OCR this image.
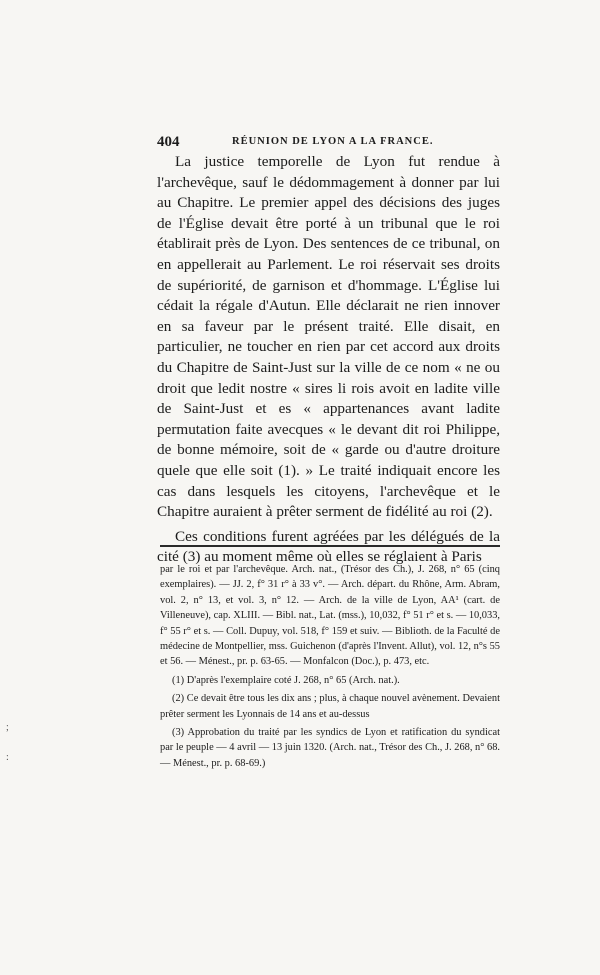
404	RÉUNION DE LYON A LA FRANCE.

La justice temporelle de Lyon fut rendue à l'archevêque, sauf le dédommagement à donner par lui au Chapitre. Le premier appel des décisions des juges de l'Église devait être porté à un tribunal que le roi établirait près de Lyon. Des sentences de ce tribunal, on en appellerait au Parlement. Le roi réservait ses droits de supériorité, de garnison et d'hommage. L'Église lui cédait la régale d'Autun. Elle déclarait ne rien innover en sa faveur par le présent traité. Elle disait, en particulier, ne toucher en rien par cet accord aux droits du Chapitre de Saint-Just sur la ville de ce nom « ne ou droit que ledit nostre « sires li rois avoit en ladite ville de Saint-Just et es « appartenances avant ladite permutation faite avecques « le devant dit roi Philippe, de bonne mémoire, soit de « garde ou d'autre droiture quele que elle soit (1). » Le traité indiquait encore les cas dans lesquels les citoyens, l'archevêque et le Chapitre auraient à prêter serment de fidélité au roi (2).

Ces conditions furent agréées par les délégués de la cité (3) au moment même où elles se réglaient à Paris

par le roi et par l'archevêque. Arch. nat., (Trésor des Ch.), J. 268, n° 65 (cinq exemplaires). — JJ. 2, f° 31 r° à 33 v°. — Arch. départ. du Rhône, Arm. Abram, vol. 2, n° 13, et vol. 3, n° 12. — Arch. de la ville de Lyon, AA¹ (cart. de Villeneuve), cap. XLIII. — Bibl. nat., Lat. (mss.), 10,032, f° 51 r° et s. — 10,033, f° 55 r° et s. — Coll. Dupuy, vol. 518, f° 159 et suiv. — Biblioth. de la Faculté de médecine de Montpellier, mss. Guichenon (d'après l'Invent. Allut), vol. 12, n°s 55 et 56. — Ménest., pr. p. 63-65. — Monfalcon (Doc.), p. 473, etc.

(1) D'après l'exemplaire coté J. 268, n° 65 (Arch. nat.).

(2) Ce devait être tous les dix ans ; plus, à chaque nouvel avènement. Devaient prêter serment les Lyonnais de 14 ans et au-dessus

(3) Approbation du traité par les syndics de Lyon et ratification du syndicat par le peuple — 4 avril — 13 juin 1320. (Arch. nat., Trésor des Ch., J. 268, n° 68. — Ménest., pr. p. 68-69.)

;
:
